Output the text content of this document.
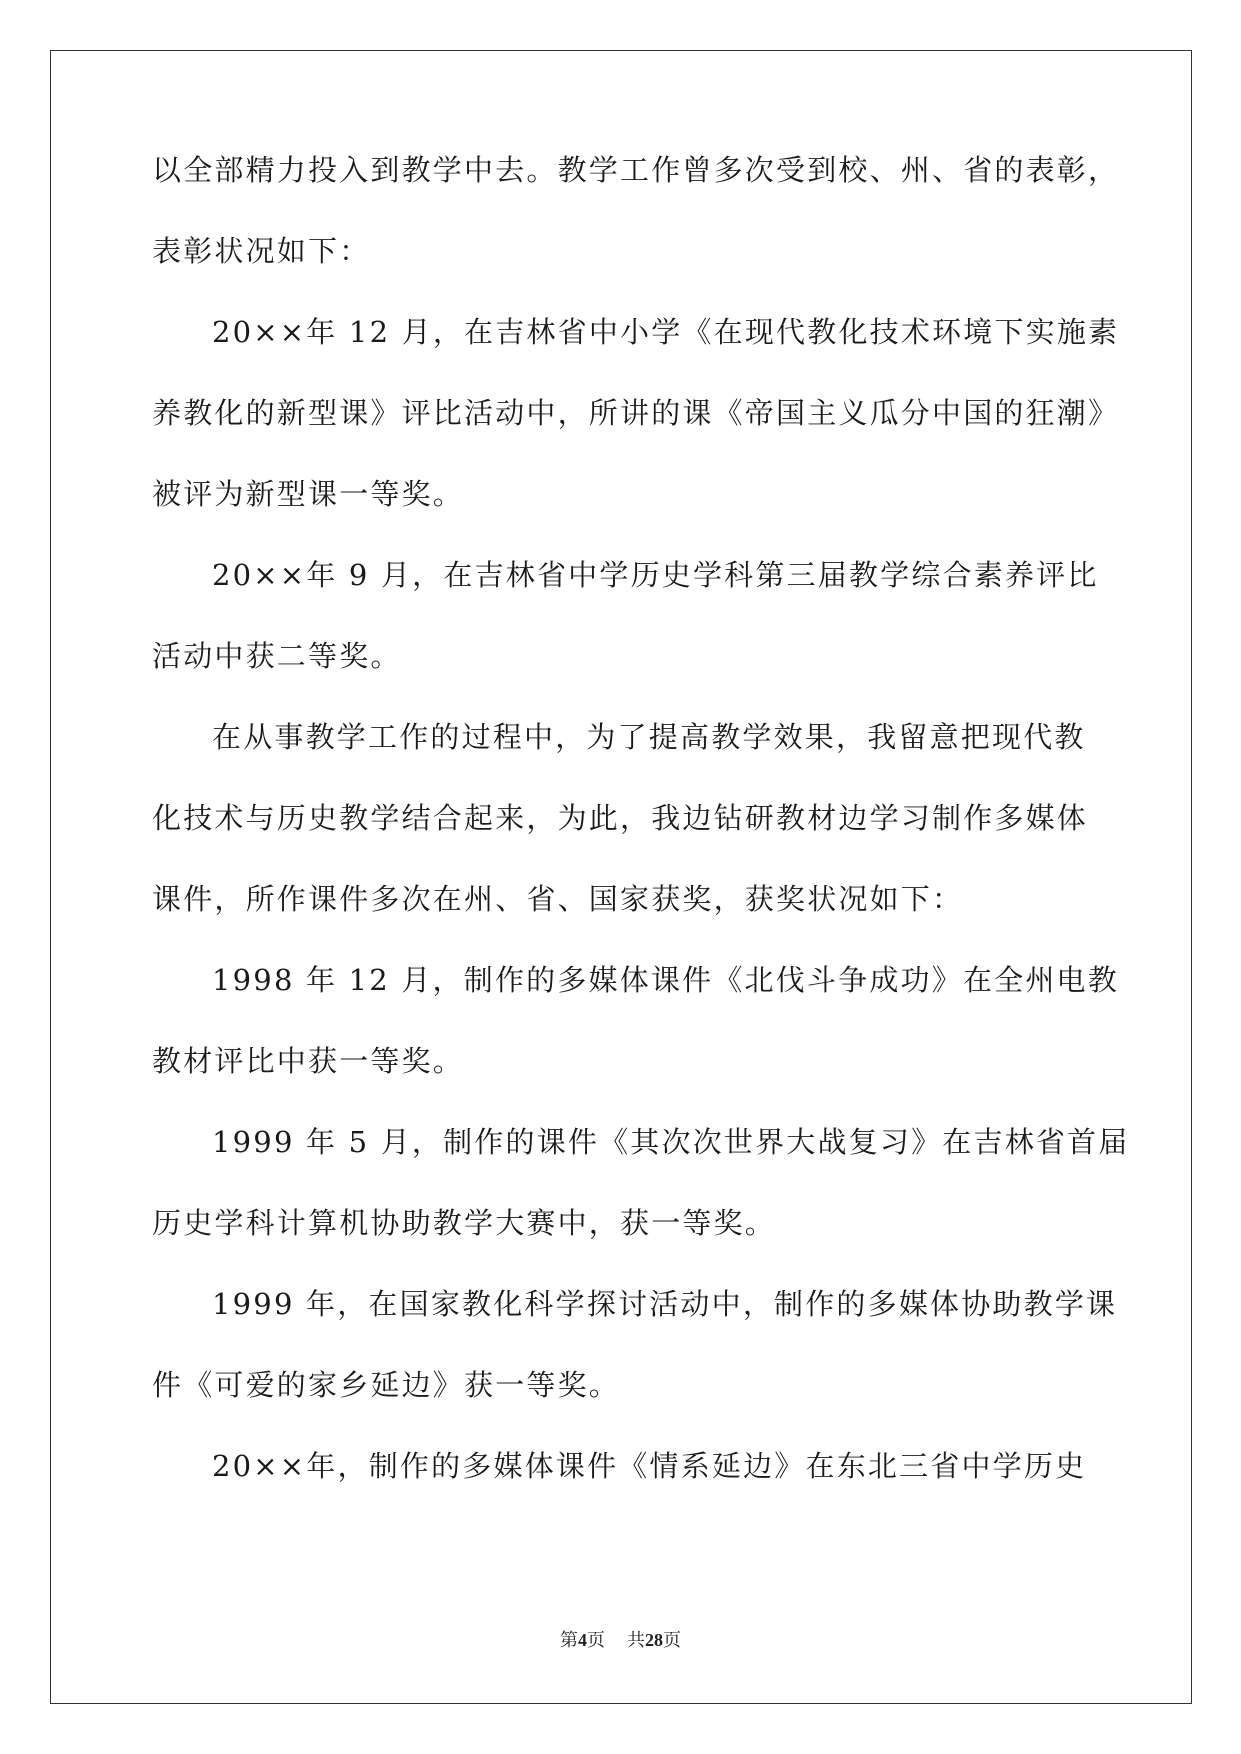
以全部精力投入到教学中去。教学工作曾多次受到校、州、省的表彰，

表彰状况如下：

20××年 12 月，在吉林省中小学《在现代教化技术环境下实施素

养教化的新型课》评比活动中，所讲的课《帝国主义瓜分中国的狂潮》

被评为新型课一等奖。

20××年 9 月，在吉林省中学历史学科第三届教学综合素养评比

活动中获二等奖。

在从事教学工作的过程中，为了提高教学效果，我留意把现代教

化技术与历史教学结合起来，为此，我边钻研教材边学习制作多媒体

课件，所作课件多次在州、省、国家获奖，获奖状况如下：

1998 年 12 月，制作的多媒体课件《北伐斗争成功》在全州电教

教材评比中获一等奖。

1999 年 5 月，制作的课件《其次次世界大战复习》在吉林省首届

历史学科计算机协助教学大赛中，获一等奖。

1999 年，在国家教化科学探讨活动中，制作的多媒体协助教学课

件《可爱的家乡延边》获一等奖。

20××年，制作的多媒体课件《情系延边》在东北三省中学历史

第4页 共28页
